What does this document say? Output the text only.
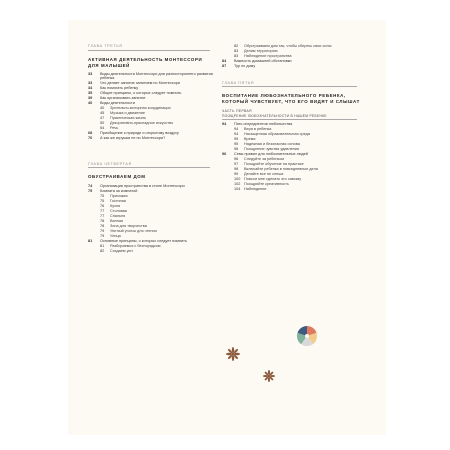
ГЛАВА ТРЕТЬЯ
АКТИВНАЯ ДЕЯТЕЛЬНОСТЬ МОНТЕССОРИ ДЛЯ МАЛЫШЕЙ
33	Виды деятельности Монтессори для разностороннего развития ребенка
33	Что делает занятие занятием по Монтессори
34	Как помогать ребенку
35	Общие принципы, о которых следует помнить
39	Как организовать занятие
40	Виды деятельности
40	Зрительно-моторная координация
45	Музыка и движение
47	Практическая жизнь
50	Декоративно-прикладное искусство
54	Речь
68	Приобщение к природе и открытому воздуху
70	А как же игрушки не по Монтессори?
ГЛАВА ЧЕТВЕРТАЯ
ОБУСТРАИВАЕМ ДОМ
74	Организация пространства в стиле Монтессори
75	Комната за комнатой
75	Прихожая
75	Гостиная
76	Кухня
77	Столовая
77	Спальня
78	Ванная
78	Зона для творчества
79	Уютный уголок для чтения
79	Улица
81	Основные принципы, о которых следует помнить
81	Разбираемся с беспорядком
82	Создаем уют
82	Обустраиваем дом так, чтобы сберечь свои силы
83	Делим территорию
83	Наблюдение пространства
84	Важность домашней обстановки
87	Тур по дому
ГЛАВА ПЯТАЯ
ВОСПИТАНИЕ ЛЮБОЗНАТЕЛЬНОГО РЕБЕНКА, КОТОРЫЙ ЧУВСТВУЕТ, ЧТО ЕГО ВИДЯТ И СЛЫШАТ
ЧАСТЬ ПЕРВАЯ
ПООЩРЕНИЕ ЛЮБОЗНАТЕЛЬНОСТИ В НАШЕМ РЕБЕНКЕ
94	Пять ингредиентов любопытства
94	Вера в ребенка
94	Насыщенная образовательная среда
95	Время
95	Надежная и безопасная основа
96	Поощрение чувства удивления
96	Семь правил для любознательных людей
96	Следуйте за ребенком
97	Поощряйте обучение на практике
98	Включайте ребенка в повседневные дела
99	Делайте все не спеша
100 Помоги мне сделать это самому
102 Поощряйте креативность
104 Наблюдение
